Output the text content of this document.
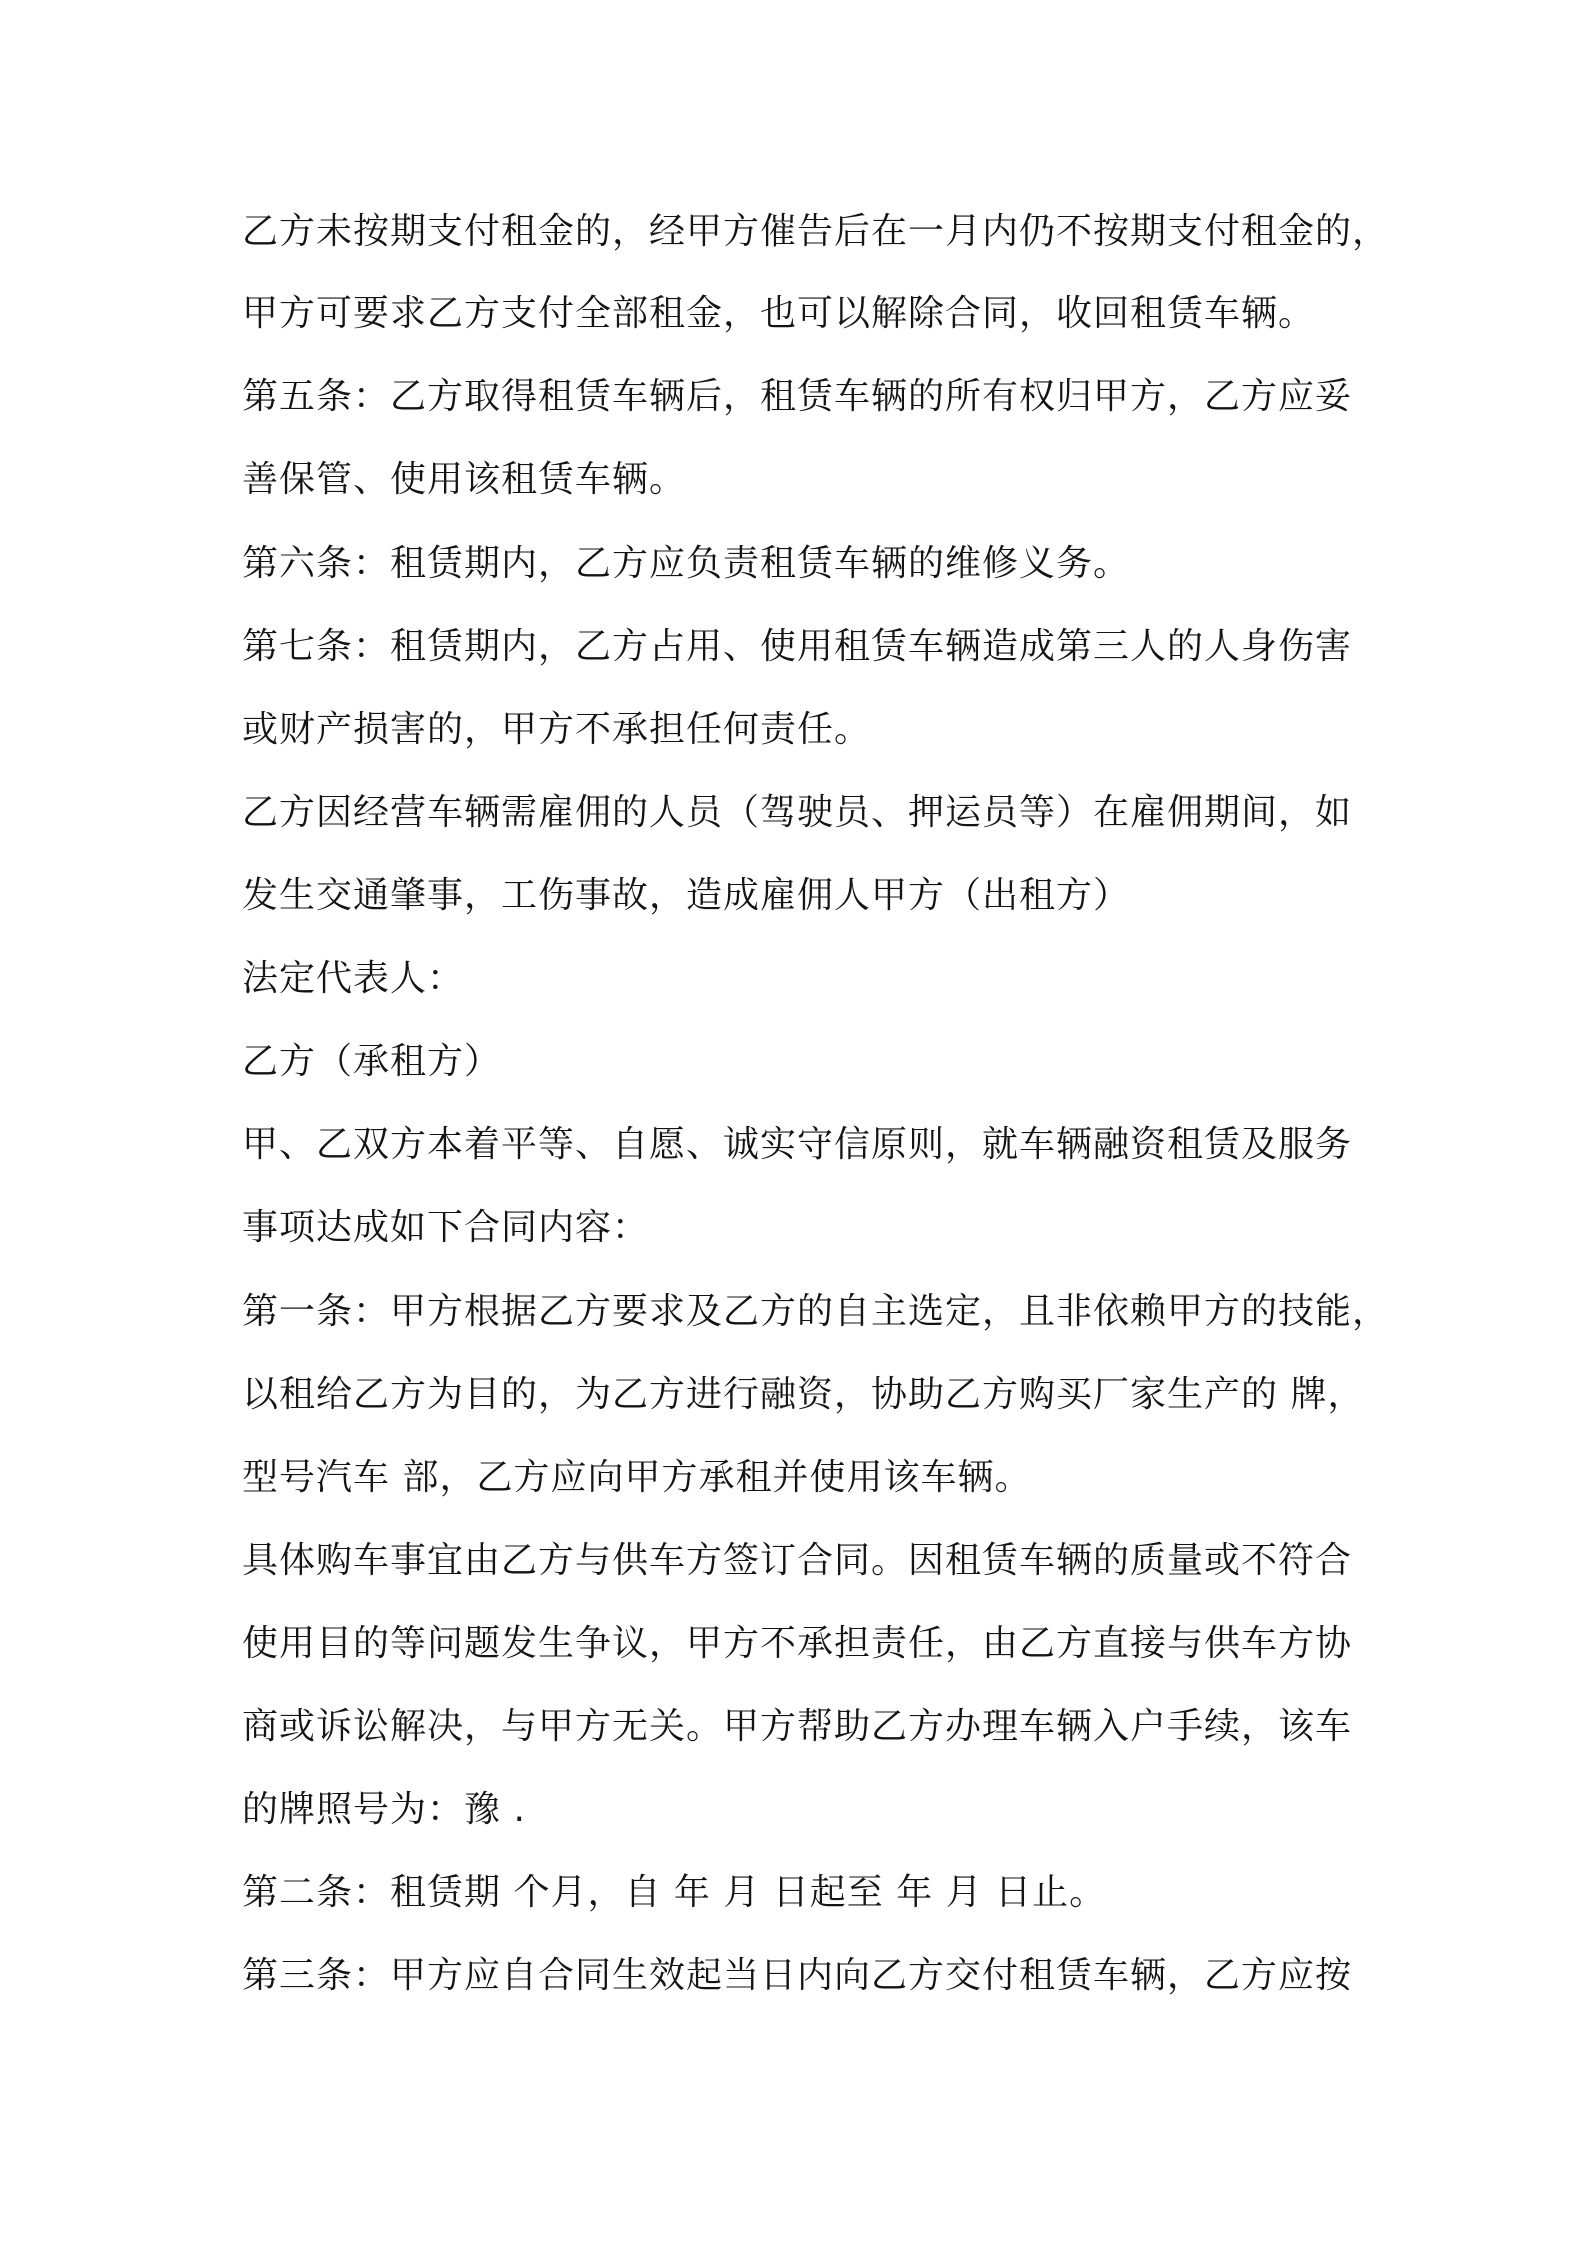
乙方未按期支付租金的，经甲方催告后在一月内仍不按期支付租金的，
甲方可要求乙方支付全部租金，也可以解除合同，收回租赁车辆。
第五条：乙方取得租赁车辆后，租赁车辆的所有权归甲方，乙方应妥
善保管、使用该租赁车辆。
第六条：租赁期内，乙方应负责租赁车辆的维修义务。
第七条：租赁期内，乙方占用、使用租赁车辆造成第三人的人身伤害
或财产损害的，甲方不承担任何责任。
乙方因经营车辆需雇佣的人员（驾驶员、押运员等）在雇佣期间，如
发生交通肇事，工伤事故，造成雇佣人甲方（出租方）
法定代表人：
乙方（承租方）
甲、乙双方本着平等、自愿、诚实守信原则，就车辆融资租赁及服务
事项达成如下合同内容：
第一条：甲方根据乙方要求及乙方的自主选定，且非依赖甲方的技能，
以租给乙方为目的，为乙方进行融资，协助乙方购买厂家生产的 牌，
型号汽车 部，乙方应向甲方承租并使用该车辆。
具体购车事宜由乙方与供车方签订合同。因租赁车辆的质量或不符合
使用目的等问题发生争议，甲方不承担责任，由乙方直接与供车方协
商或诉讼解决，与甲方无关。甲方帮助乙方办理车辆入户手续，该车
的牌照号为：豫 .
第二条：租赁期 个月，自 年 月 日起至 年 月 日止。
第三条：甲方应自合同生效起当日内向乙方交付租赁车辆，乙方应按
